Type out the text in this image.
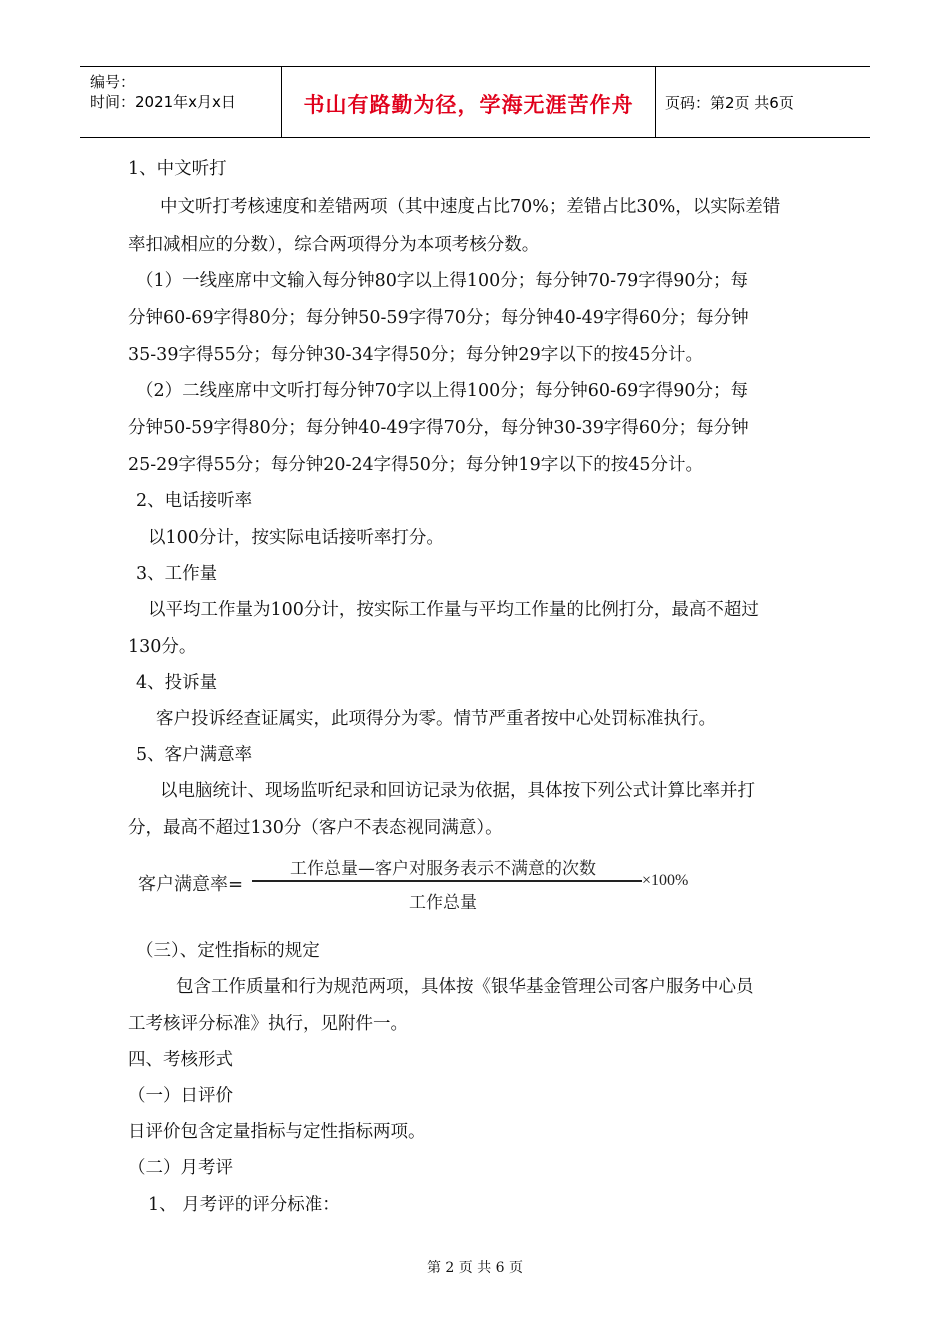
编号：
时间：2021年x月x日	书山有路勤为径，学海无涯苦作舟	页码：第2页 共6页
1、中文听打
中文听打考核速度和差错两项（其中速度占比70%；差错占比30%，以实际差错
率扣减相应的分数），综合两项得分为本项考核分数。
（1）一线座席中文输入每分钟80字以上得100分；每分钟70-79字得90分；每
分钟60-69字得80分；每分钟50-59字得70分；每分钟40-49字得60分；每分钟
35-39字得55分；每分钟30-34字得50分；每分钟29字以下的按45分计。
（2）二线座席中文听打每分钟70字以上得100分；每分钟60-69字得90分；每
分钟50-59字得80分；每分钟40-49字得70分，每分钟30-39字得60分；每分钟
25-29字得55分；每分钟20-24字得50分；每分钟19字以下的按45分计。
2、电话接听率
以100分计，按实际电话接听率打分。
3、工作量
以平均工作量为100分计，按实际工作量与平均工作量的比例打分，最高不超过
130分。
4、投诉量
客户投诉经查证属实，此项得分为零。情节严重者按中心处罚标准执行。
5、客户满意率
以电脑统计、现场监听纪录和回访记录为依据，具体按下列公式计算比率并打
分，最高不超过130分（客户不表态视同满意）。
客户满意率=
工作总量—客户对服务表示不满意的次数
工作总量
×100%
（三）、定性指标的规定
包含工作质量和行为规范两项，具体按《银华基金管理公司客户服务中心员
工考核评分标准》执行，见附件一。
四、考核形式
（一）日评价
日评价包含定量指标与定性指标两项。
（二）月考评
1、 月考评的评分标准：
第 2 页 共 6 页
